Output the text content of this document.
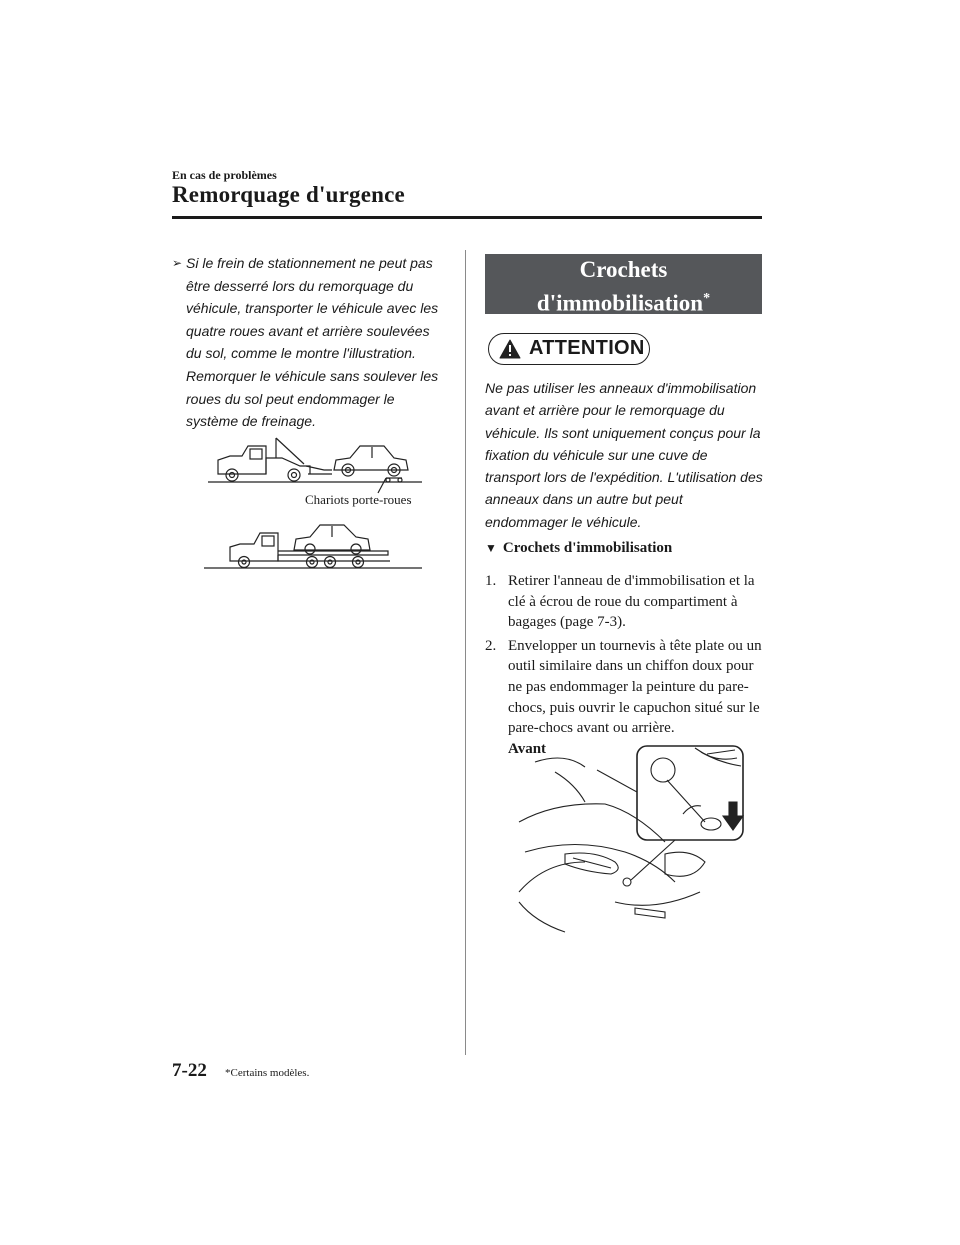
En cas de problèmes
Remorquage d'urgence
➢ Si le frein de stationnement ne peut pas être desserré lors du remorquage du véhicule, transporter le véhicule avec les quatre roues avant et arrière soulevées du sol, comme le montre l'illustration. Remorquer le véhicule sans soulever les roues du sol peut endommager le système de freinage.
Chariots porte-roues
Crochets
d'immobilisation*
ATTENTION
Ne pas utiliser les anneaux d'immobilisation avant et arrière pour le remorquage du véhicule. Ils sont uniquement conçus pour la fixation du véhicule sur une cuve de transport lors de l'expédition. L'utilisation des anneaux dans un autre but peut endommager le véhicule.
▼ Crochets d'immobilisation
1. Retirer l'anneau de d'immobilisation et la clé à écrou de roue du compartiment à bagages (page 7-3).
2. Envelopper un tournevis à tête plate ou un outil similaire dans un chiffon doux pour ne pas endommager la peinture du pare-chocs, puis ouvrir le capuchon situé sur le pare-chocs avant ou arrière.
Avant
7-22 *Certains modèles.
